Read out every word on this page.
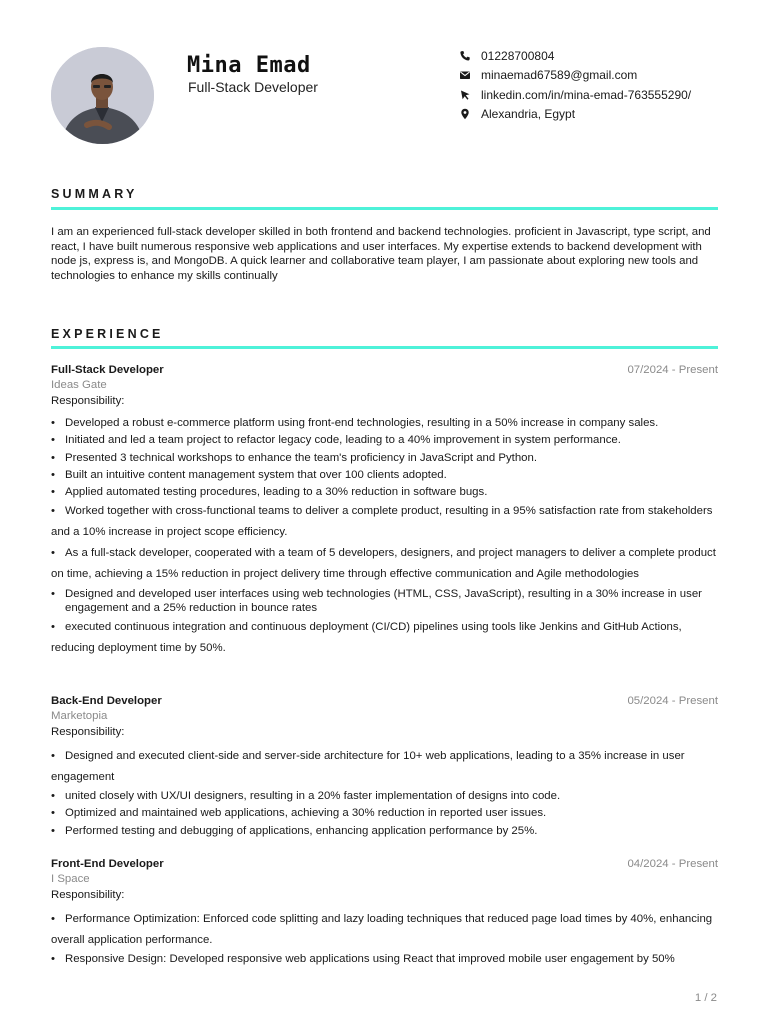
Mina Emad
Full-Stack Developer
01228700804
minaemad67589@gmail.com
linkedin.com/in/mina-emad-763555290/
Alexandria, Egypt
SUMMARY

I am an experienced full-stack developer skilled in both frontend and backend technologies. proficient in Javascript, type script, and react, I have built numerous responsive web applications and user interfaces. My expertise extends to backend development with node js, express is, and MongoDB. A quick learner and collaborative team player, I am passionate about exploring new tools and technologies to enhance my skills continually

EXPERIENCE
Full-Stack Developer	07/2024 - Present
Ideas Gate
Responsibility:
• Developed a robust e-commerce platform using front-end technologies, resulting in a 50% increase in company sales.
• Initiated and led a team project to refactor legacy code, leading to a 40% improvement in system performance.
• Presented 3 technical workshops to enhance the team's proficiency in JavaScript and Python.
• Built an intuitive content management system that over 100 clients adopted.
• Applied automated testing procedures, leading to a 30% reduction in software bugs.
• Worked together with cross-functional teams to deliver a complete product, resulting in a 95% satisfaction rate from stakeholders and a 10% increase in project scope efficiency.
• As a full-stack developer, cooperated with a team of 5 developers, designers, and project managers to deliver a complete product on time, achieving a 15% reduction in project delivery time through effective communication and Agile methodologies
• Designed and developed user interfaces using web technologies (HTML, CSS, JavaScript), resulting in a 30% increase in user engagement and a 25% reduction in bounce rates
• executed continuous integration and continuous deployment (CI/CD) pipelines using tools like Jenkins and GitHub Actions, reducing deployment time by 50%.
Back-End Developer	05/2024 - Present
Marketopia
Responsibility:
• Designed and executed client-side and server-side architecture for 10+ web applications, leading to a 35% increase in user engagement
• united closely with UX/UI designers, resulting in a 20% faster implementation of designs into code.
• Optimized and maintained web applications, achieving a 30% reduction in reported user issues.
• Performed testing and debugging of applications, enhancing application performance by 25%.
Front-End Developer	04/2024 - Present
I Space
Responsibility:
• Performance Optimization: Enforced code splitting and lazy loading techniques that reduced page load times by 40%, enhancing overall application performance.
• Responsive Design: Developed responsive web applications using React that improved mobile user engagement by 50%
1 / 2
